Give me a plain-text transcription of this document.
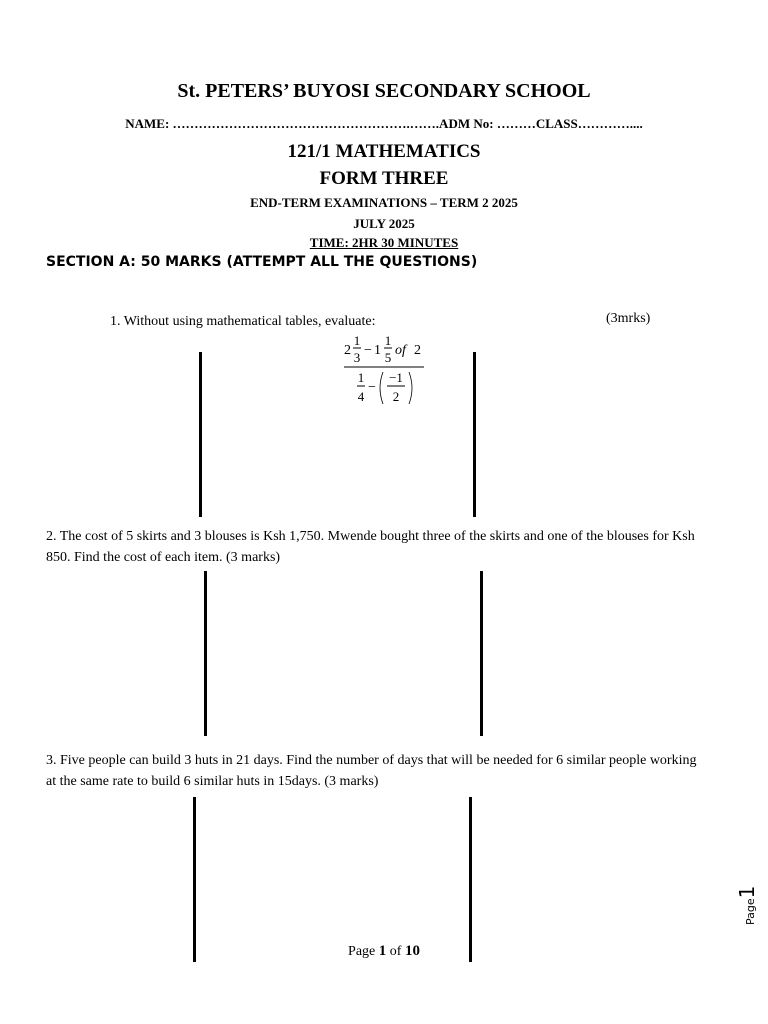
St. PETERS’ BUYOSI SECONDARY SCHOOL
NAME: ……………………………………………….…….ADM No: ………CLASS…………....
121/1 MATHEMATICS
FORM THREE
END-TERM EXAMINATIONS – TERM 2 2025
JULY 2025
TIME: 2HR 30 MINUTES
SECTION A: 50 MARKS (ATTEMPT ALL THE QUESTIONS)
1. Without using mathematical tables, evaluate:	(3mrks)
2
1
3 − 1
1
5 of 2
1
4
−
−1
2
2. The cost of 5 skirts and 3 blouses is Ksh 1,750. Mwende bought three of the skirts and one of the blouses for Ksh 850. Find the cost of each item. (3 marks)
3. Five people can build 3 huts in 21 days. Find the number of days that will be needed for 6 similar people working at the same rate to build 6 similar huts in 15days. (3 marks)
Page 1 of 10
Page1
